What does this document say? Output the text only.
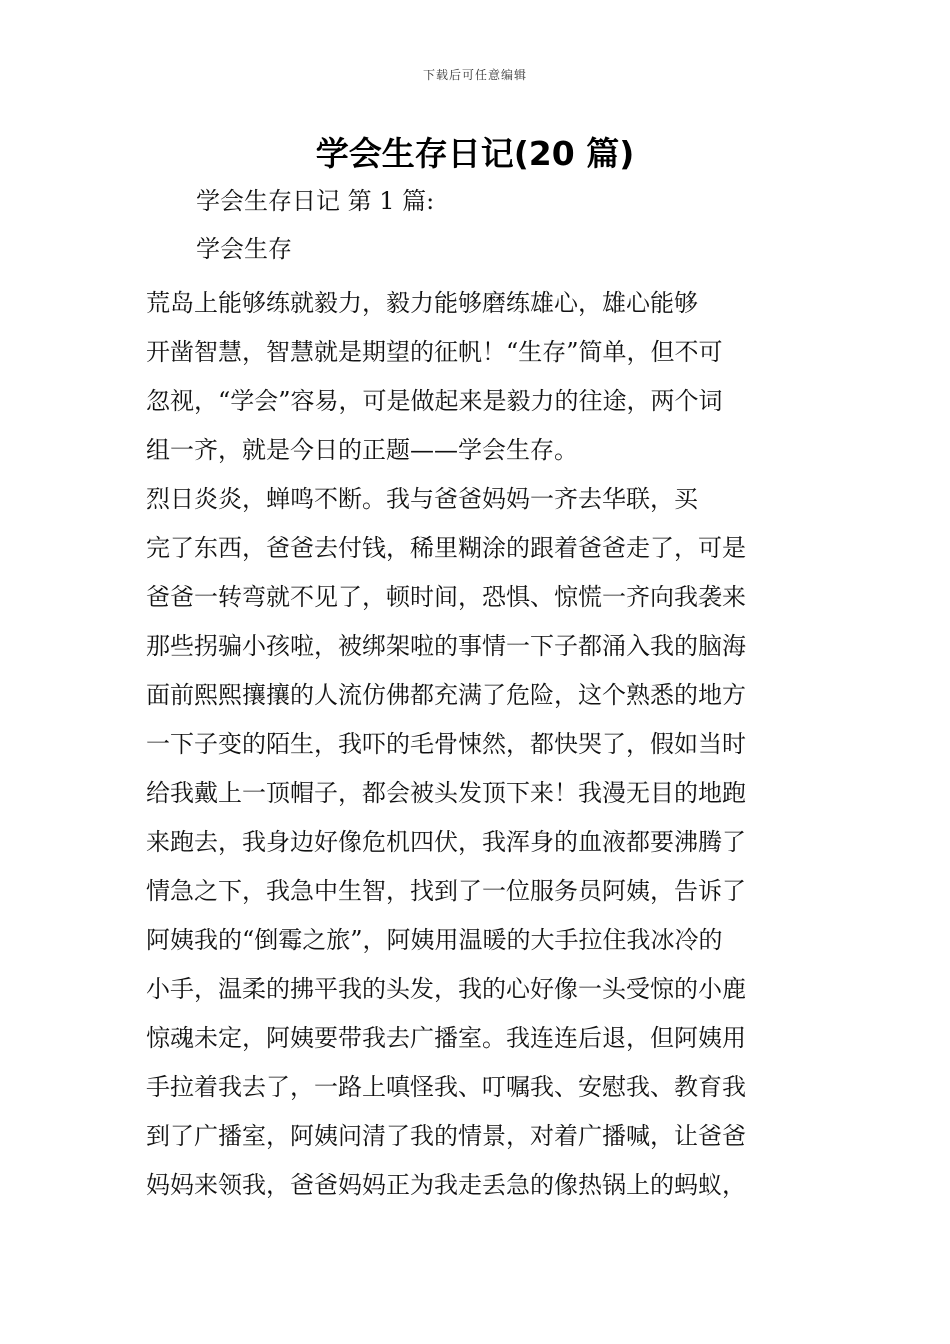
下载后可任意编辑
学会生存日记(20 篇)

学会生存日记 第 1 篇:

学会生存

荒岛上能够练就毅力，毅力能够磨练雄心，雄心能够
开凿智慧，智慧就是期望的征帆！“生存”简单，但不可
忽视，“学会”容易，可是做起来是毅力的往途，两个词
组一齐，就是今日的正题——学会生存。
烈日炎炎，蝉鸣不断。我与爸爸妈妈一齐去华联，买
完了东西，爸爸去付钱，稀里糊涂的跟着爸爸走了，可是
爸爸一转弯就不见了，顿时间，恐惧、惊慌一齐向我袭来
那些拐骗小孩啦，被绑架啦的事情一下子都涌入我的脑海
面前熙熙攘攘的人流仿佛都充满了危险，这个熟悉的地方
一下子变的陌生，我吓的毛骨悚然，都快哭了，假如当时
给我戴上一顶帽子，都会被头发顶下来！我漫无目的地跑
来跑去，我身边好像危机四伏，我浑身的血液都要沸腾了
情急之下，我急中生智，找到了一位服务员阿姨，告诉了
阿姨我的“倒霉之旅”，阿姨用温暖的大手拉住我冰冷的
小手，温柔的拂平我的头发，我的心好像一头受惊的小鹿
惊魂未定，阿姨要带我去广播室。我连连后退，但阿姨用
手拉着我去了，一路上嗔怪我、叮嘱我、安慰我、教育我
到了广播室，阿姨问清了我的情景，对着广播喊，让爸爸
妈妈来领我，爸爸妈妈正为我走丢急的像热锅上的蚂蚁，
